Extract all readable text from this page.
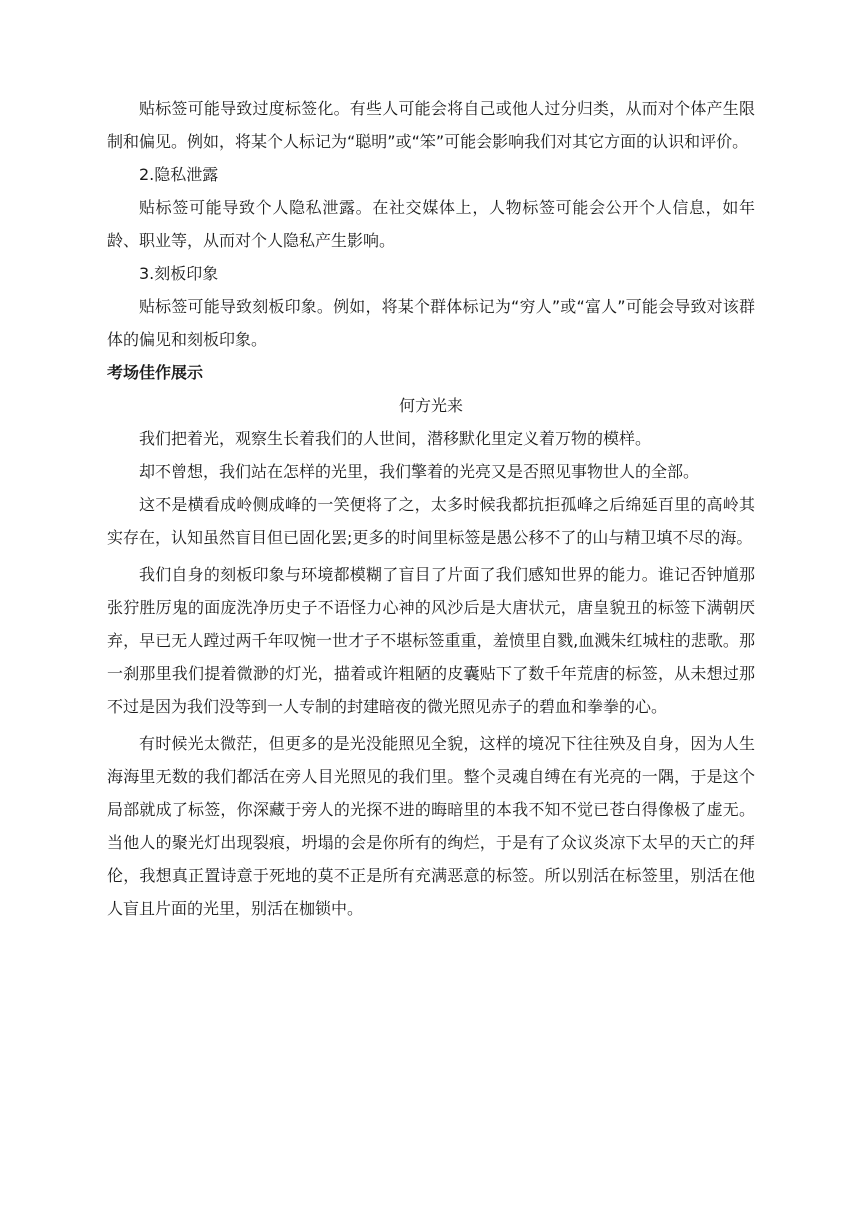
贴标签可能导致过度标签化。有些人可能会将自己或他人过分归类，从而对个体产生限制和偏见。例如，将某个人标记为“聪明”或“笨”可能会影响我们对其它方面的认识和评价。

2.隐私泄露

贴标签可能导致个人隐私泄露。在社交媒体上，人物标签可能会公开个人信息，如年龄、职业等，从而对个人隐私产生影响。

3.刻板印象

贴标签可能导致刻板印象。例如，将某个群体标记为“穷人”或“富人”可能会导致对该群体的偏见和刻板印象。

考场佳作展示

何方光来

我们把着光，观察生长着我们的人世间，潜移默化里定义着万物的模样。

却不曾想，我们站在怎样的光里，我们擎着的光亮又是否照见事物世人的全部。

这不是横看成岭侧成峰的一笑便将了之，太多时候我都抗拒孤峰之后绵延百里的高岭其实存在，认知虽然盲目但已固化罢;更多的时间里标签是愚公移不了的山与精卫填不尽的海。

我们自身的刻板印象与环境都模糊了盲目了片面了我们感知世界的能力。谁记否钟馗那张狞胜厉鬼的面庞洗净历史子不语怪力心神的风沙后是大唐状元，唐皇貌丑的标签下满朝厌弃，早已无人蹚过两千年叹惋一世才子不堪标签重重，羞愤里自戮,血溅朱红城柱的悲歌。那一刹那里我们提着微渺的灯光，描着或许粗陋的皮囊贴下了数千年荒唐的标签，从未想过那不过是因为我们没等到一人专制的封建暗夜的微光照见赤子的碧血和拳拳的心。

有时候光太微茫，但更多的是光没能照见全貌，这样的境况下往往殃及自身，因为人生海海里无数的我们都活在旁人目光照见的我们里。整个灵魂自缚在有光亮的一隅，于是这个局部就成了标签，你深藏于旁人的光探不进的晦暗里的本我不知不觉已苍白得像极了虚无。当他人的聚光灯出现裂痕，坍塌的会是你所有的绚烂，于是有了众议炎凉下太早的天亡的拜伦，我想真正置诗意于死地的莫不正是所有充满恶意的标签。所以别活在标签里，别活在他人盲且片面的光里，别活在枷锁中。
